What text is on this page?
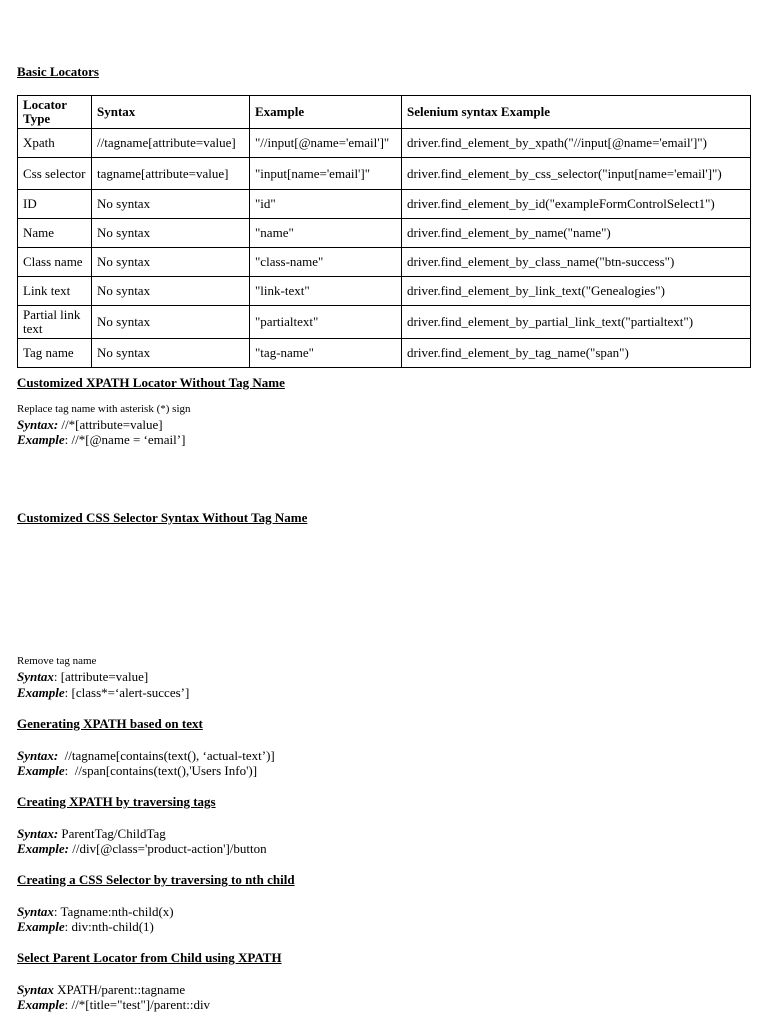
Basic Locators
Locator Type	Syntax	Example	Selenium syntax Example
Xpath	//tagname[attribute=value]	"//input[@name='email']"	driver.find_element_by_xpath("//input[@name='email']")
Css selector	tagname[attribute=value]	"input[name='email']"	driver.find_element_by_css_selector("input[name='email']")
ID	No syntax	"id"	driver.find_element_by_id("exampleFormControlSelect1")
Name	No syntax	"name"	driver.find_element_by_name("name")
Class name	No syntax	"class-name"	driver.find_element_by_class_name("btn-success")
Link text	No syntax	"link-text"	driver.find_element_by_link_text("Genealogies")
Partial link text	No syntax	"partialtext"	driver.find_element_by_partial_link_text("partialtext")
Tag name	No syntax	"tag-name"	driver.find_element_by_tag_name("span")
Customized XPATH Locator Without Tag Name
Replace tag name with asterisk (*) sign
Syntax: //*[attribute=value]
Example: //*[@name = ‘email’]
Customized CSS Selector Syntax Without Tag Name
Remove tag name
Syntax: [attribute=value]
Example: [class*=‘alert-succes’]
Generating XPATH based on text
Syntax:  //tagname[contains(text(), ‘actual-text’)]
Example:  //span[contains(text(),'Users Info')]
Creating XPATH by traversing tags
Syntax: ParentTag/ChildTag
Example: //div[@class='product-action']/button
Creating a CSS Selector by traversing to nth child
Syntax: Tagname:nth-child(x)
Example: div:nth-child(1)
Select Parent Locator from Child using XPATH
Syntax XPATH/parent::tagname
Example: //*[title="test"]/parent::div
